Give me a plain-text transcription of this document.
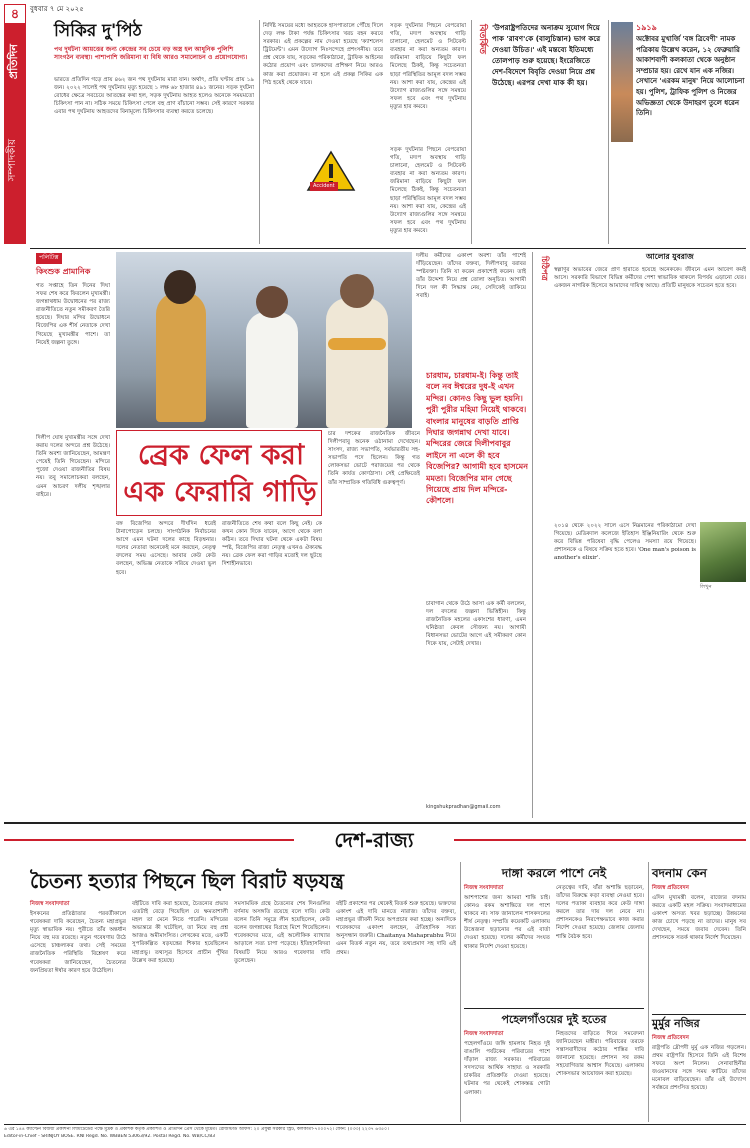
৪
প্রতিদিন
সম্পাদকীয়
বুধবার ৭ মে ২০২৫
সিকির দু'পিঠ
পথ দুর্ঘটনা আয়ত্তের জন্য কেন্দ্রের সব চেয়ে বড় অস্ত্র হল আধুনিক পুলিশি সাংগঠন ব্যবস্থা। পাশাপাশি জরিমানা বা বিধি আরও সমালোচন ও প্রয়োগযোগ্য।
ভারতে প্রতিদিন গড়ে প্রায় ৪৬২ জন পথ দুর্ঘটনায় মারা যান। অর্থাৎ, প্রতি ঘণ্টায় প্রায় ১৯ জন। ২০২২ সালেই পথ দুর্ঘটনায় মৃত্যু হয়েছে ১ লক্ষ ৬৮ হাজার ৪৯১ জনের। সড়ক দুর্ঘটনা রোধের ক্ষেত্রে সবচেয়ে আতঙ্কের কথা হল, সড়ক দুর্ঘটনায় আহত হলেও অনেকে সময়মতো চিকিৎসা পান না। সঠিক সময়ে চিকিৎসা পেলে বহু প্রাণ বাঁচানো সম্ভব। সেই কারণে সরকার এবার পথ দুর্ঘটনায় আহতদের বিনামূল্যে চিকিৎসার ব্যবস্থা করতে চলেছে।
নির্দিষ্ট সময়ের মধ্যে আহতকে হাসপাতালে পৌঁছে দিলে দেড় লক্ষ টাকা পর্যন্ত চিকিৎসার খরচ বহন করবে সরকার। এই প্রকল্পের নাম দেওয়া হয়েছে 'ক্যাশলেস ট্রিটমেন্ট'। এমন উদ্যোগ নিঃসন্দেহে প্রশংসনীয়। তবে প্রশ্ন থেকে যায়, সড়কের পরিকাঠামো, ট্রাফিক আইনের কঠোর প্রয়োগ এবং চালকদের প্রশিক্ষণ নিয়ে আরও কাজ করা প্রয়োজন। না হলে এই প্রকল্প সিকির এক পিঠ হয়েই থেকে যাবে।
সড়ক দুর্ঘটনার পিছনে বেপরোয়া গতি, মদ্যপ অবস্থায় গাড়ি চালানো, হেলমেট ও সিটবেল্ট ব্যবহার না করা অন্যতম কারণ। জরিমানা বাড়িয়ে কিছুটা ফল মিলেছে ঠিকই, কিন্তু সচেতনতা ছাড়া পরিস্থিতির আমূল বদল সম্ভব নয়। আশা করা যায়, কেন্দ্রের এই উদ্যোগ রাজ্যগুলির সঙ্গে সমন্বয়ে সফল হবে এবং পথ দুর্ঘটনায় মৃত্যুর হার কমবে।
Accident
সড়ক দুর্ঘটনার পিছনে বেপরোয়া গতি, মদ্যপ অবস্থায় গাড়ি চালানো, হেলমেট ও সিটবেল্ট ব্যবহার না করা অন্যতম কারণ। জরিমানা বাড়িয়ে কিছুটা ফল মিলেছে ঠিকই, কিন্তু সচেতনতা ছাড়া পরিস্থিতির আমূল বদল সম্ভব নয়। আশা করা যায়, কেন্দ্রের এই উদ্যোগ রাজ্যগুলির সঙ্গে সমন্বয়ে সফল হবে এবং পথ দুর্ঘটনায় মৃত্যুর হার কমবে।
বিতর্কিত 'উপরাষ্ট্রপতিদের অনাক্রম সুযোগ দিয়ে পাক 'রাবণ'কে (বালুচিস্তান) ভাগ করে দেওয়া উচিত।' এই মন্তব্যে ইতিমধ্যে তোলপাড় শুরু হয়েছে। ইংরেজিতে দেশ-বিদেশে বিবৃতি দেওয়া নিয়ে প্রশ্ন উঠেছে। এরপর দেখা যাক কী হয়।
১৯১৯
অক্টোবর মুখার্জি 'বঙ্গ ত্রিবেণী' নামক পত্রিকায় উল্লেখ করেন, ১২ ফেব্রুয়ারি আকাশবাণী কলকাতা থেকে অনুষ্ঠান সম্প্রচার হয়। রেখে যান এক নজির। সেখানে 'এরকম মানুষ' নিয়ে আলোচনা হয়। পুলিশ, ট্রাফিক পুলিশ ও নিজের অভিজ্ঞতা থেকে উদাহরণ তুলে ধরেন তিনি।
পলিটিক্স
কিংশুক প্রামানিক
গত সপ্তাহে তিন দিনের দিঘা সফর শেষ করে ফিরলেন মুখ্যমন্ত্রী। জগন্নাথধাম উদ্বোধনের পর রাজ্য রাজনীতিতে নতুন সমীকরণ তৈরি হয়েছে। দিঘার মন্দির উদ্বোধনে বিজেপির এক শীর্ষ নেতাকে দেখা গিয়েছে মুখ্যমন্ত্রীর পাশে। তা নিয়েই জল্পনা তুঙ্গে।
দিলীপ ঘোষ মুখ্যমন্ত্রীর সঙ্গে দেখা করায় দলের অন্দরে প্রশ্ন উঠেছে। তিনি অবশ্য জানিয়েছেন, আমন্ত্রণ পেয়েই তিনি গিয়েছেন। মন্দিরে পুজো দেওয়া রাজনীতির বিষয় নয়। তবু সমালোচকরা বলছেন, এমন আচরণ দলীয় শৃঙ্খলার বাইরে।
ব্রেক ফেল করা
এক ফেরারি গাড়ি
বঙ্গ বিজেপির অন্দরে দীর্ঘদিন ধরেই টানাপোড়েন চলছে। সাংগঠনিক নির্বাচনের আগে এমন ঘটনা দলের কাছে বিড়ম্বনার। দলের নেতারা অনেকেই মনে করছেন, নেতৃত্ব বদলের সময় এসেছে। আবার কেউ কেউ বলছেন, অভিজ্ঞ নেতাকে সরিয়ে দেওয়া ভুল হবে।
রাজনীতিতে শেষ কথা বলে কিছু নেই। কে কখন কোন দিকে যাবেন, আগে থেকে বলা কঠিন। তবে দিঘার ঘটনা থেকে একটা বিষয় স্পষ্ট, বিজেপির রাজ্য নেতৃত্ব এখনও ঐক্যবদ্ধ নয়। ব্রেক ফেল করা গাড়ির মতোই দল ছুটছে দিশাহীনভাবে।
চার দশকের রাজনৈতিক জীবনে দিলীপবাবু অনেক ওঠানামা দেখেছেন। সাংসদ, রাজ্য সভাপতি, সর্বভারতীয় সহ-সভাপতি পদে ছিলেন। কিন্তু গত লোকসভা ভোটে পরাজয়ের পর থেকে তিনি কার্যত কোণঠাসা। সেই প্রেক্ষিতেই তাঁর সাম্প্রতিক গতিবিধি গুরুত্বপূর্ণ।
দলীয় কর্মীদের একাংশ অবশ্য তাঁর পাশেই দাঁড়িয়েছেন। তাঁদের বক্তব্য, দিলীপবাবু বরাবর স্পষ্টবক্তা। তিনি যা করেন প্রকাশ্যেই করেন। তাই তাঁর উদ্দেশ্য নিয়ে প্রশ্ন তোলা অনুচিত। আগামী দিনে দল কী সিদ্ধান্ত নেয়, সেদিকেই তাকিয়ে সবাই।
চাবাগান থেকে উঠে আসা এক কর্মী বললেন, দল বদলের জল্পনা ভিত্তিহীন। কিন্তু রাজনৈতিক মহলের একাংশের ধারণা, এমন ঘনিষ্ঠতা কেবল সৌজন্য নয়। আগামী বিধানসভা ভোটের আগে এই সমীকরণ কোন দিকে যায়, সেটাই দেখার।
চারধাম, চারধাম-ই। কিন্তু তাই বলে নব ঈশ্বরের দুধ-ই এখন মন্দির। কোনও কিছু ভুল হয়নি। পুরী পুরীর মহিমা নিয়েই থাকবে। বাংলার মানুষের বাড়তি প্রাপ্তি দিঘার জগন্নাথ দেখা যাবে। মন্দিরের জেরে দিলীপবাবুর লাইনে না এলে কী হবে বিজেপির? আগামী হবে হাসমেন মমতা। বিজেপির মান গেছে গিয়েছে প্রায় দিল মন্দিরে-কৌশলে।
kingshukpradhan@gmail.com
চিঠিপত্র	আলোর যুবরাজ
স্বল্পাণুর অভাবের জেরে প্রাণ হারাতে হয়েছে অনেককে। জীবনে এমন আবেগ কমই আসে। সরকারি বিভাগে বিভিন্ন কর্মীদের পেশা স্বাভাবিক থাকলে বিপর্যয় এড়ানো যেত। একজন নাগরিক হিসেবে আমাদের দায়িত্ব আছে। প্রতিটি মানুষকে সচেতন হতে হবে।
লিখুন
২০১৪ থেকে ২০২২ সালে এসে নিম্নমানের পরিকাঠামো দেখা গিয়েছে। মেডিক্যাল কলেজে ইতিহাস ইঞ্জিনিয়ারিং থেকে শুরু করে বিভিন্ন পরিষেবা বৃদ্ধি পেলেও সমস্যা রয়ে গিয়েছে। প্রশাসনকে এ বিষয়ে সক্রিয় হতে হবে। 'One man's poison is another's elixir'.
দেশ-রাজ্য
চৈতন্য হত্যার পিছনে ছিল বিরাট ষড়যন্ত্র
নিজস্ব সংবাদদাতা
ইসকনের প্রতিষ্ঠাতার পরবর্তীকালে গবেষকরা দাবি করেছেন, চৈতন্য মহাপ্রভুর মৃত্যু স্বাভাবিক নয়। পুরীতে তাঁর অন্তর্ধান নিয়ে বহু মত রয়েছে। নতুন গবেষণায় উঠে এসেছে চাঞ্চল্যকর তথ্য। সেই সময়ের রাজনৈতিক পরিস্থিতি বিশ্লেষণ করে গবেষকরা জানিয়েছেন, চৈতন্যের জনপ্রিয়তা ঈর্ষার কারণ হয়ে উঠেছিল।
বইটিতে দাবি করা হয়েছে, চৈতন্যের প্রভাব এতটাই বেড়ে গিয়েছিল যে ক্ষমতাশালী মহল তা মেনে নিতে পারেনি। মন্দিরের অভ্যন্তরে কী ঘটেছিল, তা নিয়ে বহু প্রশ্ন আজও অমীমাংসিত। লেখকের মতে, একটি সুপরিকল্পিত ষড়যন্ত্রের শিকার হয়েছিলেন মহাপ্রভু। তথ্যসূত্র হিসেবে প্রাচীন পুঁথির উল্লেখ করা হয়েছে।
সমসাময়িক গ্রন্থে চৈতন্যের শেষ দিনগুলির বর্ণনায় অসঙ্গতি রয়েছে বলে দাবি। কেউ বলেন তিনি সমুদ্রে লীন হয়েছিলেন, কেউ বলেন জগন্নাথের বিগ্রহে মিশে গিয়েছিলেন। গবেষকদের মতে, এই অলৌকিক ব্যাখ্যার আড়ালে সত্য চাপা পড়েছে। ইতিহাসবিদরা বিষয়টি নিয়ে আরও গবেষণার দাবি তুলেছেন।
বইটি প্রকাশের পর থেকেই বিতর্ক শুরু হয়েছে। ভক্তদের একাংশ এই দাবি মানতে নারাজ। তাঁদের বক্তব্য, মহাপ্রভুর জীবনী নিয়ে অপপ্রচার করা হচ্ছে। অন্যদিকে গবেষকদের একাংশ বলছেন, ঐতিহাসিক সত্য অনুসন্ধান জরুরি। Chaitanya Mahaprabhu নিয়ে এমন বিতর্ক নতুন নয়, তবে তথ্যপ্রমাণ সহ দাবি এই প্রথম।
দাঙ্গা করলে পাশে নেই
নিজস্ব সংবাদদাতা
আশপাশের জন্য আমরা শান্তি চাই। কোনও রকম অশান্তিতে দল পাশে থাকবে না। সাফ জানালেন শাসকদলের শীর্ষ নেতৃত্ব। সম্প্রতি কয়েকটি এলাকায় উত্তেজনা ছড়ানোর পর এই বার্তা দেওয়া হয়েছে। দলের কর্মীদের সংযত থাকার নির্দেশ দেওয়া হয়েছে।
নেতৃত্বের দাবি, যাঁরা অশান্তি ছড়াবেন, তাঁদের বিরুদ্ধে কড়া ব্যবস্থা নেওয়া হবে। দলের পতাকা ব্যবহার করে কেউ দাঙ্গা করলে তার দায় দল নেবে না। প্রশাসনকেও নিরপেক্ষভাবে কাজ করার নির্দেশ দেওয়া হয়েছে। জেলায় জেলায় শান্তি বৈঠক হবে।
পহেলগাঁওয়ের দুই হতের
নিজস্ব সংবাদদাতা
পহেলগাঁওয়ে জঙ্গি হামলায় নিহত দুই বাঙালি পর্যটকের পরিবারের পাশে দাঁড়াল রাজ্য সরকার। পরিবারের সদস্যদের আর্থিক সাহায্য ও সরকারি চাকরির প্রতিশ্রুতি দেওয়া হয়েছে। ঘটনার পর থেকেই শোকস্তব্ধ গোটা এলাকা।
নিহতদের বাড়িতে গিয়ে সমবেদনা জানিয়েছেন মন্ত্রীরা। পরিবারের তরফে সন্ত্রাসবাদীদের কঠোর শাস্তির দাবি জানানো হয়েছে। প্রশাসন সব রকম সহযোগিতার আশ্বাস দিয়েছে। এলাকায় শোকসভার আয়োজন করা হয়েছে।
বদনাম কেন
নিজস্ব প্রতিবেদন
এদিন মুখ্যমন্ত্রী বলেন, রাজ্যের বদনাম করতে একটি মহল সক্রিয়। সংবাদমাধ্যমের একাংশ অসত্য খবর ছড়াচ্ছে। উন্নয়নের কাজ চোখে পড়ছে না তাদের। মানুষ সব দেখছেন, সময়ে জবাব দেবেন। তিনি প্রশাসনকে সতর্ক থাকার নির্দেশ দিয়েছেন।
মুর্মুর নজির
নিজস্ব প্রতিবেদন
রাষ্ট্রপতি দ্রৌপদী মুর্মু এক নজির গড়লেন। প্রথম রাষ্ট্রপতি হিসেবে তিনি এই বিশেষ সফরে অংশ নিলেন। সেনাবাহিনীর জওয়ানদের সঙ্গে সময় কাটিয়ে তাঁদের মনোবল বাড়িয়েছেন। তাঁর এই উদ্যোগ সর্বস্তরে প্রশংসিত হয়েছে।
৬ এর ১৪৪ ক্যাপ্টেন বিজয়ী প্রকাশনী লিমিটেডের পক্ষে মুদ্রক ও প্রকাশক কর্তৃক প্রকাশিত ও প্রতিদিন প্রেস থেকে মুদ্রিত। রেজিস্টার্ড অফিস: ২০ প্রফুল্ল সরকার স্ট্রিট, কলকাতা-৭০০০৭২। ফোন: (০৩৩) ২২৩৭ ৬৩৫০।
Editor-in-Chief - SRINJOY BOSE. RNI Regd. No. WBBEN 53063/92. Postal Regd. No. WB/CC/83
